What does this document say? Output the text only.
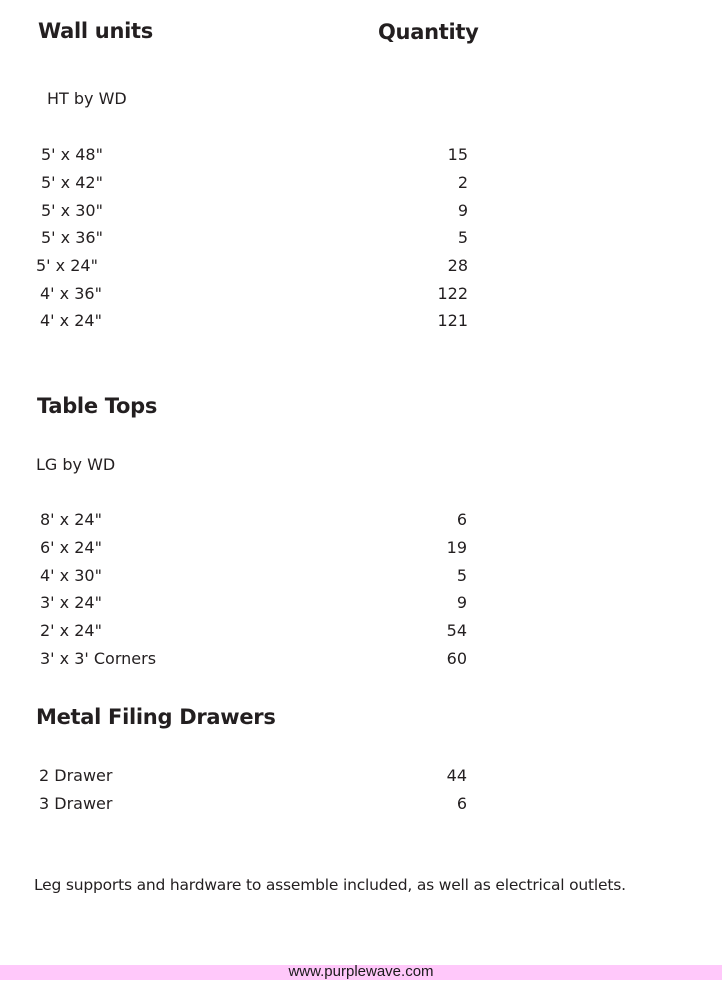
Wall units	Quantity
HT by WD
5' x 48"	15
5' x 42"	2
5' x 30"	9
5' x 36"	5
5' x 24"	28
4' x 36"	122
4' x 24"	121
Table Tops
LG by WD
8' x 24"	6
6' x 24"	19
4' x 30"	5
3' x 24"	9
2' x 24"	54
3' x 3' Corners	60
Metal Filing Drawers
2 Drawer	44
3 Drawer	6
Leg supports and hardware to assemble included, as well as electrical outlets.
www.purplewave.com
